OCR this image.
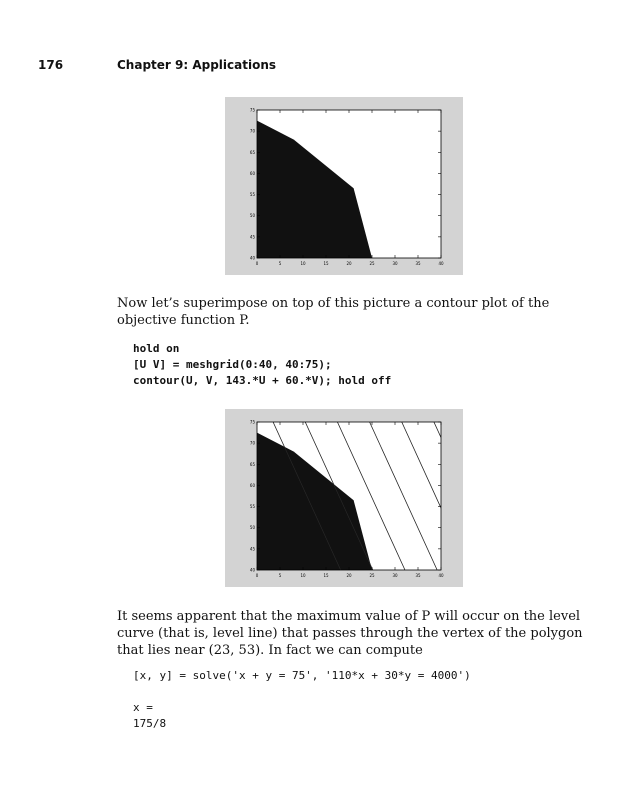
176	Chapter 9: Applications
0	5	10	15	20	25	30	35	40
40
45
50
55
60
65
70
75

Now let’s superimpose on top of this picture a contour plot of the objective function P.

hold on
[U V] = meshgrid(0:40, 40:75);
contour(U, V, 143.*U + 60.*V); hold off
0	5	10	15	20	25	30	35	40
40
45
50
55
60
65
70
75

It seems apparent that the maximum value of P will occur on the level curve (that is, level line) that passes through the vertex of the polygon that lies near (23, 53). In fact we can compute

[x, y] = solve('x + y = 75', '110*x + 30*y = 4000')
x =
175/8
